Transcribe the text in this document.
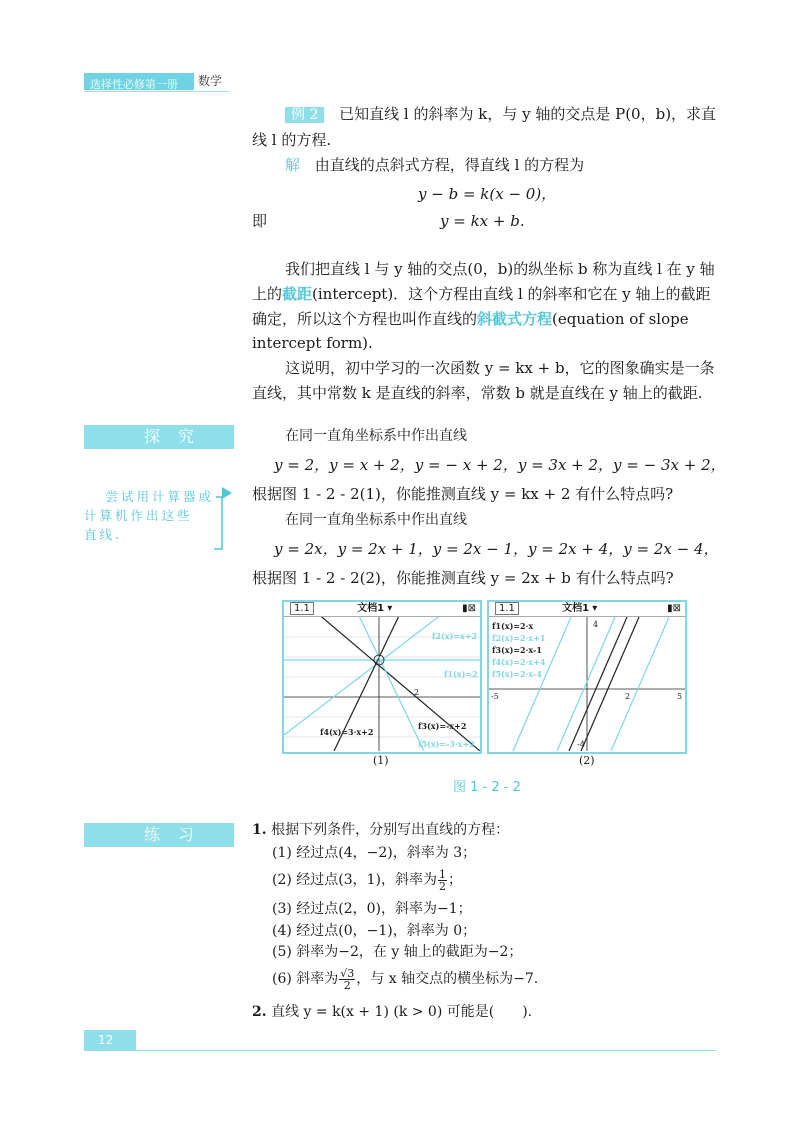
选择性必修第一册	数学
例 2 已知直线 l 的斜率为 k，与 y 轴的交点是 P(0，b)，求直
线 l 的方程.
解 由直线的点斜式方程，得直线 l 的方程为
y − b = k(x − 0)，
即	y = kx + b.
我们把直线 l 与 y 轴的交点(0，b)的纵坐标 b 称为直线 l 在 y 轴
上的截距(intercept)．这个方程由直线 l 的斜率和它在 y 轴上的截距
确定，所以这个方程也叫作直线的斜截式方程(equation of slope
intercept form).
这说明，初中学习的一次函数 y = kx + b，它的图象确实是一条
直线，其中常数 k 是直线的斜率，常数 b 就是直线在 y 轴上的截距.
探究	在同一直角坐标系中作出直线
y = 2，y = x + 2，y = − x + 2，y = 3x + 2，y = − 3x + 2，
根据图 1 - 2 - 2(1)，你能推测直线 y = kx + 2 有什么特点吗?
在同一直角坐标系中作出直线
y = 2x，y = 2x + 1，y = 2x − 1，y = 2x + 4，y = 2x − 4，
根据图 1 - 2 - 2(2)，你能推测直线 y = 2x + b 有什么特点吗?
尝试用计算器或
计算机作出这些
直线.
1.1	文档1 ▾	▮⊠
2
f2(x)=x+2
f1(x)=2
f3(x)=-x+2
f4(x)=3·x+2
f5(x)=-3·x+2
1.1	文档1 ▾	▮⊠
4
-4
-5	5
2
f1(x)=2·x
f2(x)=2·x+1
f3(x)=2·x-1
f4(x)=2·x+4
f5(x)=2·x-4
(1)	(2)
图 1 - 2 - 2
练习	1. 根据下列条件，分别写出直线的方程：
(1) 经过点(4，−2)，斜率为 3；
(2) 经过点(3，1)，斜率为 $\frac{1}{2}$ ；
(3) 经过点(2，0)，斜率为−1；
(4) 经过点(0，−1)，斜率为 0；
(5) 斜率为−2，在 y 轴上的截距为−2；
(6) 斜率为 $\frac{√3}{2}$ ，与 x 轴交点的横坐标为−7.
2. 直线 y = k(x + 1) (k > 0) 可能是(　　).
12
